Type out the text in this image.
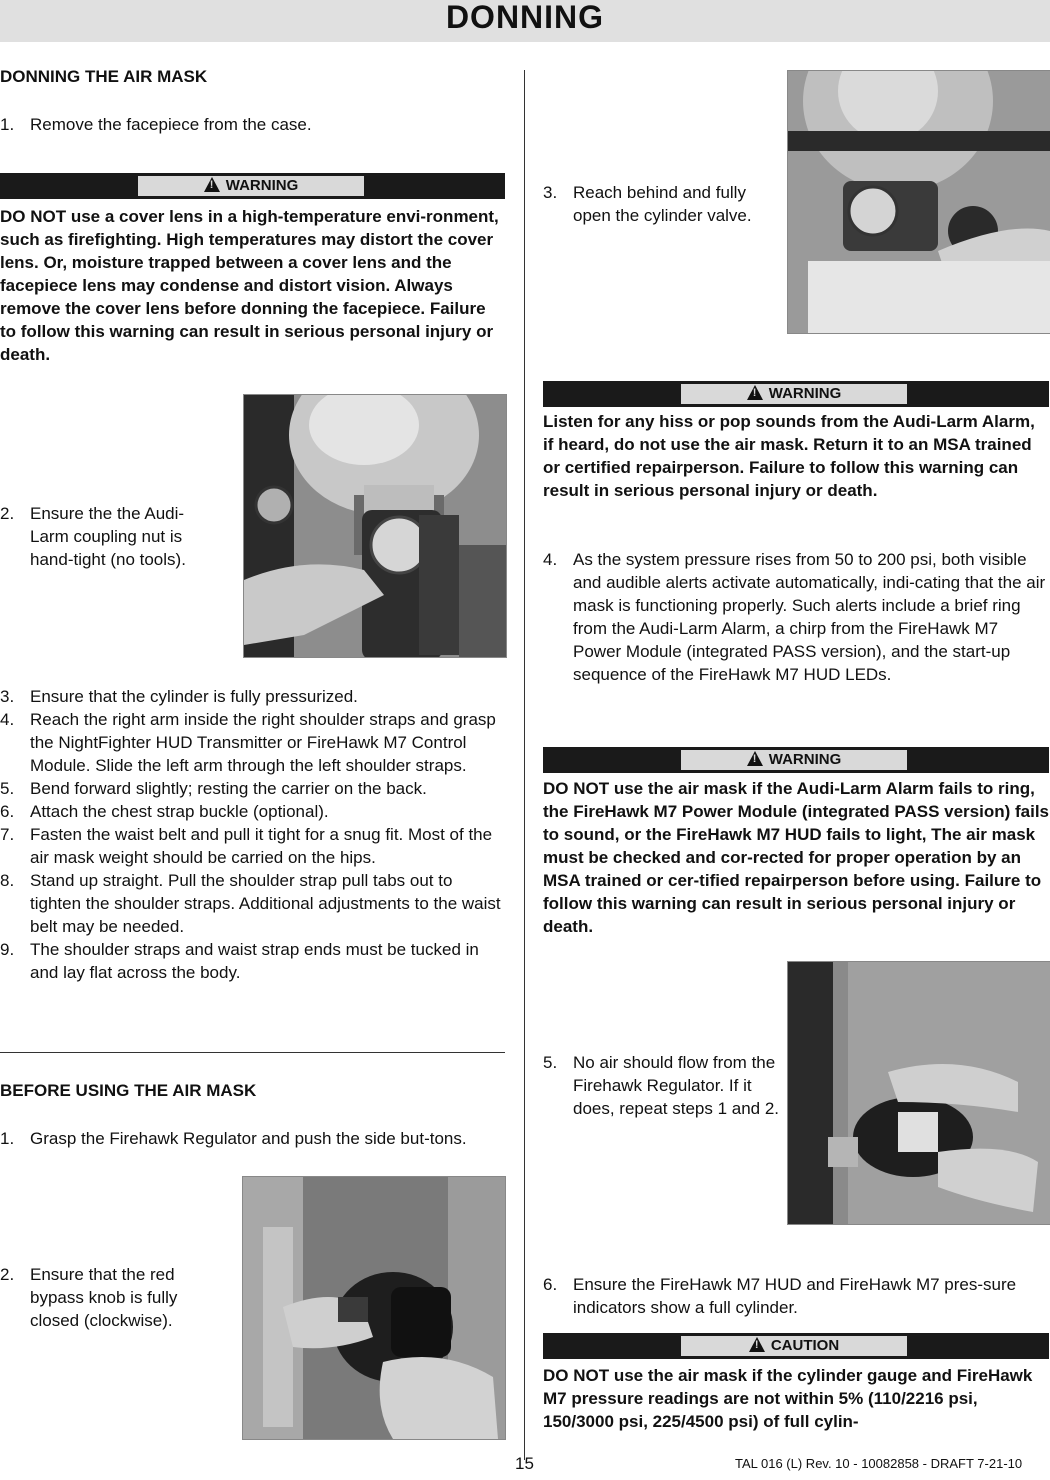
DONNING
DONNING THE AIR MASK
1. Remove the facepiece from the case.
!WARNING
DO NOT use a cover lens in a high-temperature envi-ronment, such as firefighting. High temperatures may distort the cover lens. Or, moisture trapped between a cover lens and the facepiece lens may condense and distort vision. Always remove the cover lens before donning the facepiece. Failure to follow this warning can result in serious personal injury or death.
2. Ensure the the Audi-Larm coupling nut is hand-tight (no tools).
3. Ensure that the cylinder is fully pressurized.
4. Reach the right arm inside the right shoulder straps and grasp the NightFighter HUD Transmitter or FireHawk M7 Control Module. Slide the left arm through the left shoulder straps.
5. Bend forward slightly; resting the carrier on the back.
6. Attach the chest strap buckle (optional).
7. Fasten the waist belt and pull it tight for a snug fit. Most of the air mask weight should be carried on the hips.
8. Stand up straight. Pull the shoulder strap pull tabs out to tighten the shoulder straps. Additional adjustments to the waist belt may be needed.
9. The shoulder straps and waist strap ends must be tucked in and lay flat across the body.
BEFORE USING THE AIR MASK
1. Grasp the Firehawk Regulator and push the side but-tons.
2. Ensure that the red bypass knob is fully closed (clockwise).
3. Reach behind and fully open the cylinder valve.
!WARNING
Listen for any hiss or pop sounds from the Audi-Larm Alarm, if heard, do not use the air mask. Return it to an MSA trained or certified repairperson. Failure to follow this warning can result in serious personal injury or death.
4. As the system pressure rises from 50 to 200 psi, both visible and audible alerts activate automatically, indi-cating that the air mask is functioning properly. Such alerts include a brief ring from the Audi-Larm Alarm, a chirp from the FireHawk M7 Power Module (integrated PASS version), and the start-up sequence of the FireHawk M7 HUD LEDs.
!WARNING
DO NOT use the air mask if the Audi-Larm Alarm fails to ring, the FireHawk M7 Power Module (integrated PASS version) fails to sound, or the FireHawk M7 HUD fails to light, The air mask must be checked and cor-rected for proper operation by an MSA trained or cer-tified repairperson before using. Failure to follow this warning can result in serious personal injury or death.
5. No air should flow from the Firehawk Regulator. If it does, repeat steps 1 and 2.
6. Ensure the FireHawk M7 HUD and FireHawk M7 pres-sure indicators show a full cylinder.
!CAUTION
DO NOT use the air mask if the cylinder gauge and FireHawk M7 pressure readings are not within 5% (110/2216 psi, 150/3000 psi, 225/4500 psi) of full cylin-
15	TAL 016 (L) Rev. 10 - 10082858 - DRAFT 7-21-10
